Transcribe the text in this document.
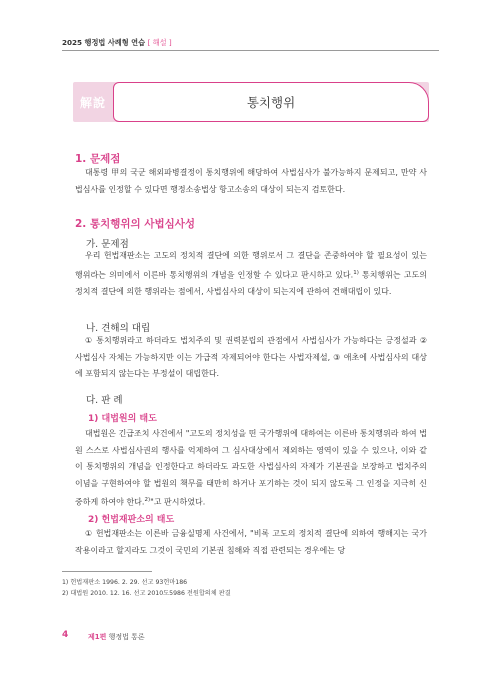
2025 행정법 사례형 연습 [ 해설 ]
解說	통치행위
1. 문제점
대통령 甲의 국군 해외파병결정이 통치행위에 해당하여 사법심사가 불가능하지 문제되고, 만약 사법심사를 인정할 수 있다면 행정소송법상 항고소송의 대상이 되는지 검토한다.
2. 통치행위의 사법심사성
가. 문제점
우리 헌법재판소는 고도의 정치적 결단에 의한 행위로서 그 결단을 존중하여야 할 필요성이 있는 행위라는 의미에서 이른바 통치행위의 개념을 인정할 수 있다고 판시하고 있다.$^{1)}$ 통치행위는 고도의 정치적 결단에 의한 행위라는 점에서, 사법심사의 대상이 되는지에 관하여 견해대립이 있다.
나. 견해의 대립
① 통치행위라고 하더라도 법치주의 및 권력분립의 관점에서 사법심사가 가능하다는 긍정설과 ② 사법심사 자체는 가능하지만 이는 가급적 자제되어야 한다는 사법자제설, ③ 애초에 사법심사의 대상에 포함되지 않는다는 부정설이 대립한다.
다. 판 례
1) 대법원의 태도
대법원은 긴급조치 사건에서 "고도의 정치성을 띤 국가행위에 대하여는 이른바 통치행위라 하여 법원 스스로 사법심사권의 행사를 억제하여 그 심사대상에서 제외하는 영역이 있을 수 있으나, 이와 같이 통치행위의 개념을 인정한다고 하더라도 과도한 사법심사의 자제가 기본권을 보장하고 법치주의 이념을 구현하여야 할 법원의 책무를 태만히 하거나 포기하는 것이 되지 않도록 그 인정을 지극히 신중하게 하여야 한다.$^{2)}$"고 판시하였다.
2) 헌법재판소의 태도
① 헌법재판소는 이른바 금융실명제 사건에서, "비록 고도의 정치적 결단에 의하여 행해지는 국가작용이라고 할지라도 그것이 국민의 기본권 침해와 직접 관련되는 경우에는 당
1) 헌법재판소 1996. 2. 29. 선고 93헌마186
2) 대법원 2010. 12. 16. 선고 2010도5986 전원합의체 판결
4	제1편 행정법 통론
